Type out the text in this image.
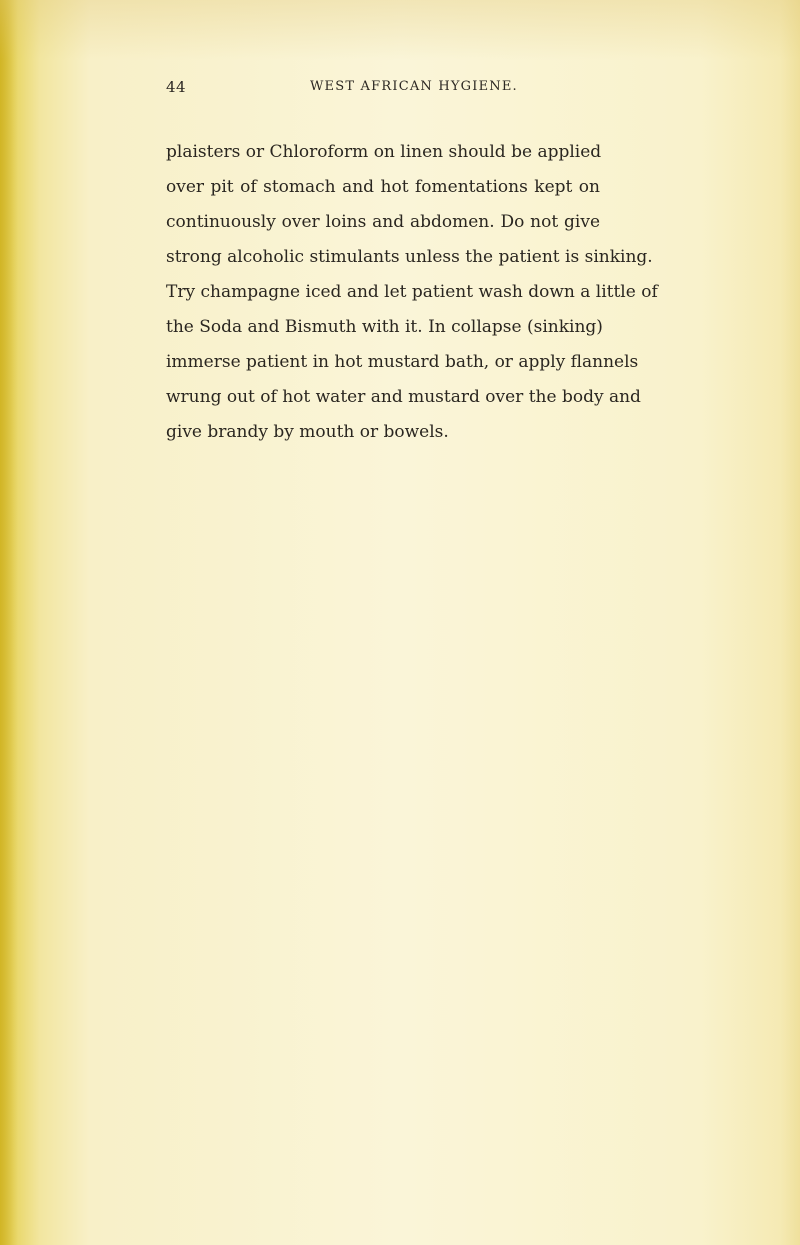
44	WEST AFRICAN HYGIENE.

plaisters or Chloroform on linen should be applied
over pit of stomach and hot fomentations kept on
continuously over loins and abdomen. Do not give
strong alcoholic stimulants unless the patient is sinking.
Try champagne iced and let patient wash down a little of
the Soda and Bismuth with it. In collapse (sinking)
immerse patient in hot mustard bath, or apply flannels
wrung out of hot water and mustard over the body and
give brandy by mouth or bowels.
